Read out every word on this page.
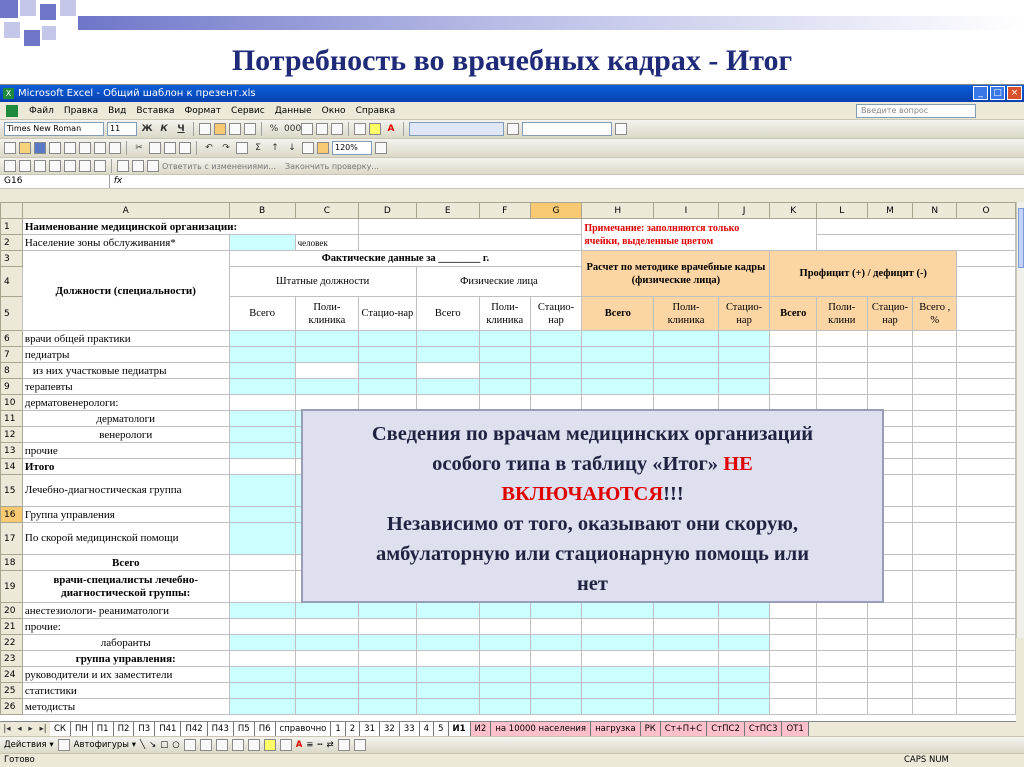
Потребность во врачебных кадрах - Итог
X Microsoft Excel - Общий шаблон к презент.xls	_	□ ×
Файл	Правка	Вид	Вставка	Формат	Сервис	Данные	Окно	Справка	Введите вопрос
Times New Roman	11	Ж К	Ч	% 000	A
✂	↶	↷	Σ	↑	↓	120%
Ответить с изменениями... Закончить проверку...
G16	fx
	A	B	C	D	E	F	G	H	I	J	K	L	M	N	O
1	Наименование медицинской организации:							Примечание: заполняются только
ячейки, выделенные цветом							
2	Население зоны обслуживания*		человек												
3	Должности (специальности)	Фактические данные за ________ г.						Расчет по методике врачебные кадры (физические лица)			Профицит (+) / дефицит (-)				
4		Штатные должности			Физические лица										
5		Всего	Поли-клиника	Стацио-нар	Всего	Поли-клиника	Стацио-нар	Всего	Поли-клиника	Стацио-нар	Всего	Поли-клини	Стацио-нар	Всего , %	
6	врачи общей практики														
7	педиатры														
8	из них участковые педиатры														
9	терапевты														
10	дерматовенерологи:														
11	дерматологи														
12	венерологи														
13	прочие														
14	Итого														
15	Лечебно-диагностическая группа														
16	Группа управления														
17	По скорой медицинской помощи														
18	Всего														
19	врачи-специалисты лечебно-диагностической группы:														
20	анестезиологи- реаниматологи														
21	прочие:														
22	лаборанты														
23	группа управления:														
24	руководители и их заместители														
25	статистики														
26	методисты														
Сведения по врачам медицинских организаций
особого типа в таблицу «Итог» НЕ
ВКЛЮЧАЮТСЯ!!!
Независимо от того, оказывают они скорую,
амбулаторную или стационарную помощь или
нет
|◂ ◂ ▸ ▸| СК	ПН	П1	П2	П3	П41	П42	П43	П5	П6	справочно	1	2	31	32	33	4	5	И1	И2	на 10000 населения	нагрузка	РК	Ст+П+С	СтПС2	СтПС3	ОТ1
Действия ▾ Автофигуры ▾ ╲ ↘ □ ○	A ≡ ┅ ⇄
Готово	CAPS NUM
